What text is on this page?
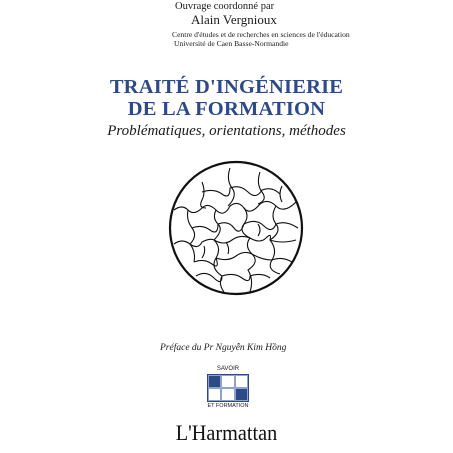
Ouvrage coordonné par
Alain Vergnioux
Centre d'études et de recherches en sciences de l'éducation
Université de Caen Basse-Normandie
TRAITÉ D'INGÉNIERIE
DE LA FORMATION
Problématiques, orientations, méthodes
Préface du Pr Nguyễn Kim Hồng
SAVOIR
ET FORMATION
L'Harmattan
